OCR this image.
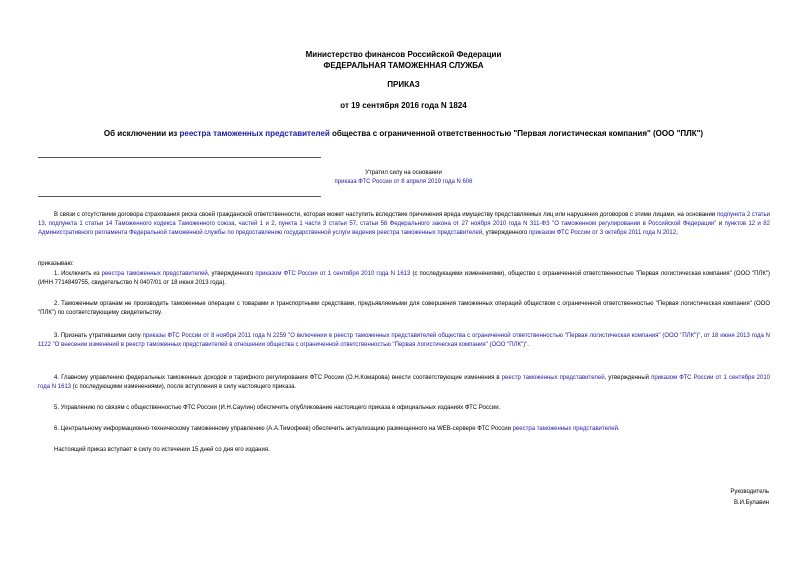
Министерство финансов Российской Федерации
ФЕДЕРАЛЬНАЯ ТАМОЖЕННАЯ СЛУЖБА
ПРИКАЗ
от 19 сентября 2016 года N 1824
Об исключении из реестра таможенных представителей общества с ограниченной ответственностью "Первая логистическая компания" (ООО "ПЛК")
Утратил силу на основании
приказа ФТС России от 8 апреля 2019 года N 606
В связи с отсутствием договора страхования риска своей гражданской ответственности, которая может наступить вследствие причинения вреда имуществу представляемых лиц или нарушения договоров с этими лицами, на основании подпункта 2 статьи 13, подпункта 1 статьи 14 Таможенного кодекса Таможенного союза, частей 1 и 2, пункта 1 части 3 статьи 57, статьи 58 Федерального закона от 27 ноября 2010 года N 311-ФЗ "О таможенном регулировании в Российской Федерации" и пунктов 12 и 82 Административного регламента Федеральной таможенной службы по предоставлению государственной услуги ведения реестра таможенных представителей, утвержденного приказом ФТС России от 3 октября 2011 года N 2012,
приказываю:
1. Исключить из реестра таможенных представителей, утвержденного приказом ФТС России от 1 сентября 2010 года N 1613 (с последующими изменениями), общество с ограниченной ответственностью "Первая логистическая компания" (ООО "ПЛК") (ИНН 7714849755, свидетельство N 0407/01 от 18 июня 2013 года).
2. Таможенным органам не производить таможенные операции с товарами и транспортными средствами, предъявляемыми для совершения таможенных операций обществом с ограниченной ответственностью "Первая логистическая компания" (ООО "ПЛК") по соответствующему свидетельству.
3. Признать утратившими силу приказы ФТС России от 8 ноября 2011 года N 2259 "О включении в реестр таможенных представителей общества с ограниченной ответственностью "Первая логистическая компания" (ООО "ПЛК")", от 18 июня 2013 года N 1122 "О внесении изменений в реестр таможенных представителей в отношении общества с ограниченной ответственностью "Первая логистическая компания" (ООО "ПЛК")".
4. Главному управлению федеральных таможенных доходов и тарифного регулирования ФТС России (О.Н.Комарова) внести соответствующие изменения в реестр таможенных представителей, утвержденный приказом ФТС России от 1 сентября 2010 года N 1613 (с последующими изменениями), после вступления в силу настоящего приказа.
5. Управлению по связям с общественностью ФТС России (И.Н.Саулин) обеспечить опубликование настоящего приказа в официальных изданиях ФТС России.
6. Центральному информационно-техническому таможенному управлению (А.А.Тимофеев) обеспечить актуализацию размещенного на WEB-сервере ФТС России реестра таможенных представителей.
Настоящий приказ вступает в силу по истечении 15 дней со дня его издания.
Руководитель
В.И.Булавин
